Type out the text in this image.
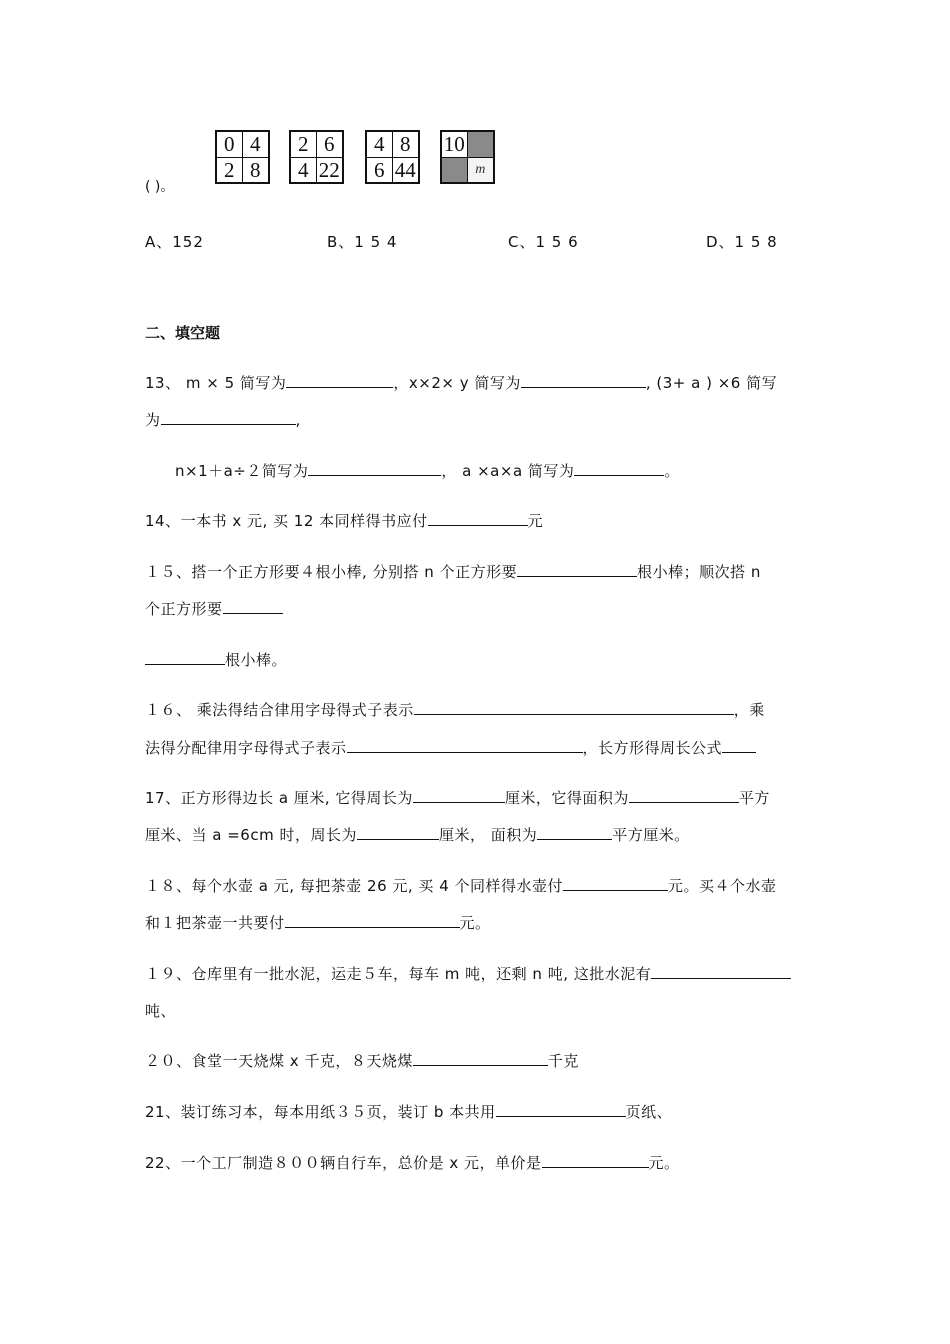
( )。
0 4
2 8
2 6
4 22
4 8
6 44
10
m
A、152	B、1 5 4	C、1 5 6	D、1 5 8
二、填空题
13、 m × 5 简写为	，x×2× y 简写为	, (3+ a ) ×6 简写
为	,
n×1＋a÷２简写为	， a ×a×a 简写为	。
14、一本书 x 元, 买 12 本同样得书应付	元
１５、搭一个正方形要４根小棒, 分别搭 n 个正方形要	根小棒；顺次搭 n
个正方形要
根小棒。
１６、 乘法得结合律用字母得式子表示	，乘
法得分配律用字母得式子表示	，长方形得周长公式
17、正方形得边长 a 厘米, 它得周长为	厘米，它得面积为	平方
厘米、当 a =6cm 时，周长为	厘米， 面积为	平方厘米。
１８、每个水壶 a 元, 每把茶壶 26 元, 买 4 个同样得水壶付	元。买４个水壶
和１把茶壶一共要付	元。
１９、仓库里有一批水泥，运走５车，每车 m 吨，还剩 n 吨, 这批水泥有
吨、
２０、食堂一天烧煤 x 千克，８天烧煤	千克
21、装订练习本，每本用纸３５页，装订 b 本共用	页纸、
22、一个工厂制造８００辆自行车，总价是 x 元，单价是	元。
